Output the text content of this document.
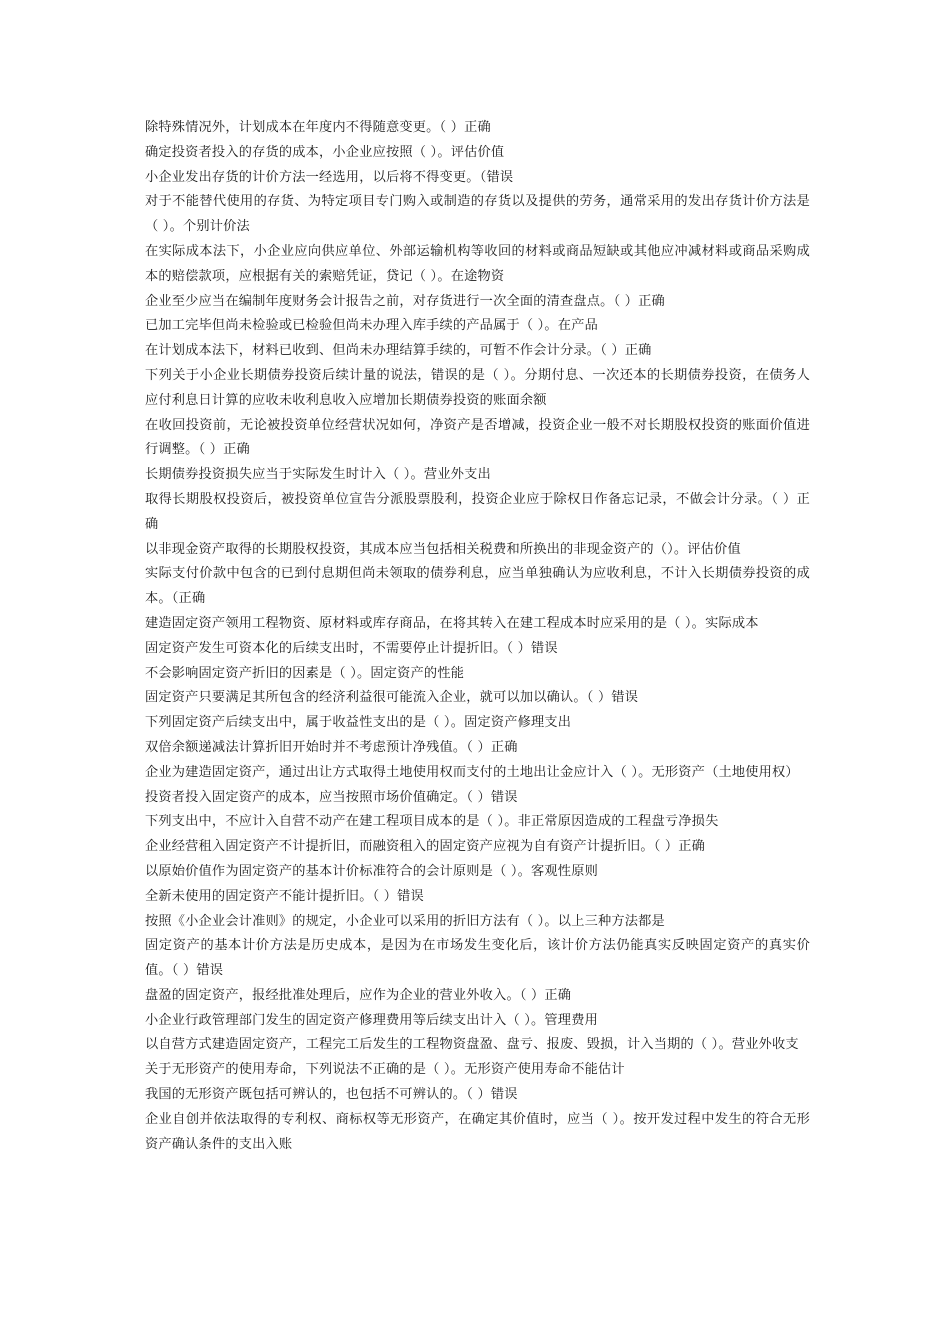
除特殊情况外，计划成本在年度内不得随意变更。（ ）正确

确定投资者投入的存货的成本，小企业应按照（ ）。评估价值

小企业发出存货的计价方法一经选用，以后将不得变更。（错误

对于不能替代使用的存货、为特定项目专门购入或制造的存货以及提供的劳务，通常采用的发出存货计价方法是（ ）。个别计价法

在实际成本法下，小企业应向供应单位、外部运输机构等收回的材料或商品短缺或其他应冲减材料或商品采购成本的赔偿款项，应根据有关的索赔凭证，贷记（ ）。在途物资

企业至少应当在编制年度财务会计报告之前，对存货进行一次全面的清查盘点。（ ）正确

已加工完毕但尚未检验或已检验但尚未办理入库手续的产品属于（ ）。在产品

在计划成本法下，材料已收到、但尚未办理结算手续的，可暂不作会计分录。（ ）正确

下列关于小企业长期债券投资后续计量的说法，错误的是（ ）。分期付息、一次还本的长期债券投资，在债务人应付利息日计算的应收未收利息收入应增加长期债券投资的账面余额

在收回投资前，无论被投资单位经营状况如何，净资产是否增减，投资企业一般不对长期股权投资的账面价值进行调整。（ ）正确

长期债券投资损失应当于实际发生时计入（ ）。营业外支出

取得长期股权投资后，被投资单位宣告分派股票股利，投资企业应于除权日作备忘记录，不做会计分录。（ ）正确

以非现金资产取得的长期股权投资，其成本应当包括相关税费和所换出的非现金资产的（）。评估价值

实际支付价款中包含的已到付息期但尚未领取的债券利息，应当单独确认为应收利息，不计入长期债券投资的成本。（正确

建造固定资产领用工程物资、原材料或库存商品，在将其转入在建工程成本时应采用的是（ ）。实际成本

固定资产发生可资本化的后续支出时，不需要停止计提折旧。（ ）错误

不会影响固定资产折旧的因素是（ ）。固定资产的性能

固定资产只要满足其所包含的经济利益很可能流入企业，就可以加以确认。（ ）错误

下列固定资产后续支出中，属于收益性支出的是（ ）。固定资产修理支出

双倍余额递减法计算折旧开始时并不考虑预计净残值。（ ）正确

企业为建造固定资产，通过出让方式取得土地使用权而支付的土地出让金应计入（ ）。无形资产（土地使用权）

投资者投入固定资产的成本，应当按照市场价值确定。（ ）错误

下列支出中，不应计入自营不动产在建工程项目成本的是（ ）。非正常原因造成的工程盘亏净损失

企业经营租入固定资产不计提折旧，而融资租入的固定资产应视为自有资产计提折旧。（ ）正确

以原始价值作为固定资产的基本计价标准符合的会计原则是（ ）。客观性原则

全新未使用的固定资产不能计提折旧。（ ）错误

按照《小企业会计准则》的规定，小企业可以采用的折旧方法有（ ）。以上三种方法都是

固定资产的基本计价方法是历史成本，是因为在市场发生变化后，该计价方法仍能真实反映固定资产的真实价值。（ ）错误

盘盈的固定资产，报经批准处理后，应作为企业的营业外收入。（ ）正确

小企业行政管理部门发生的固定资产修理费用等后续支出计入（ ）。管理费用

以自营方式建造固定资产，工程完工后发生的工程物资盘盈、盘亏、报废、毁损，计入当期的（ ）。营业外收支

关于无形资产的使用寿命，下列说法不正确的是（ ）。无形资产使用寿命不能估计

我国的无形资产既包括可辨认的，也包括不可辨认的。（ ）错误

企业自创并依法取得的专利权、商标权等无形资产，在确定其价值时，应当（ ）。按开发过程中发生的符合无形资产确认条件的支出入账
